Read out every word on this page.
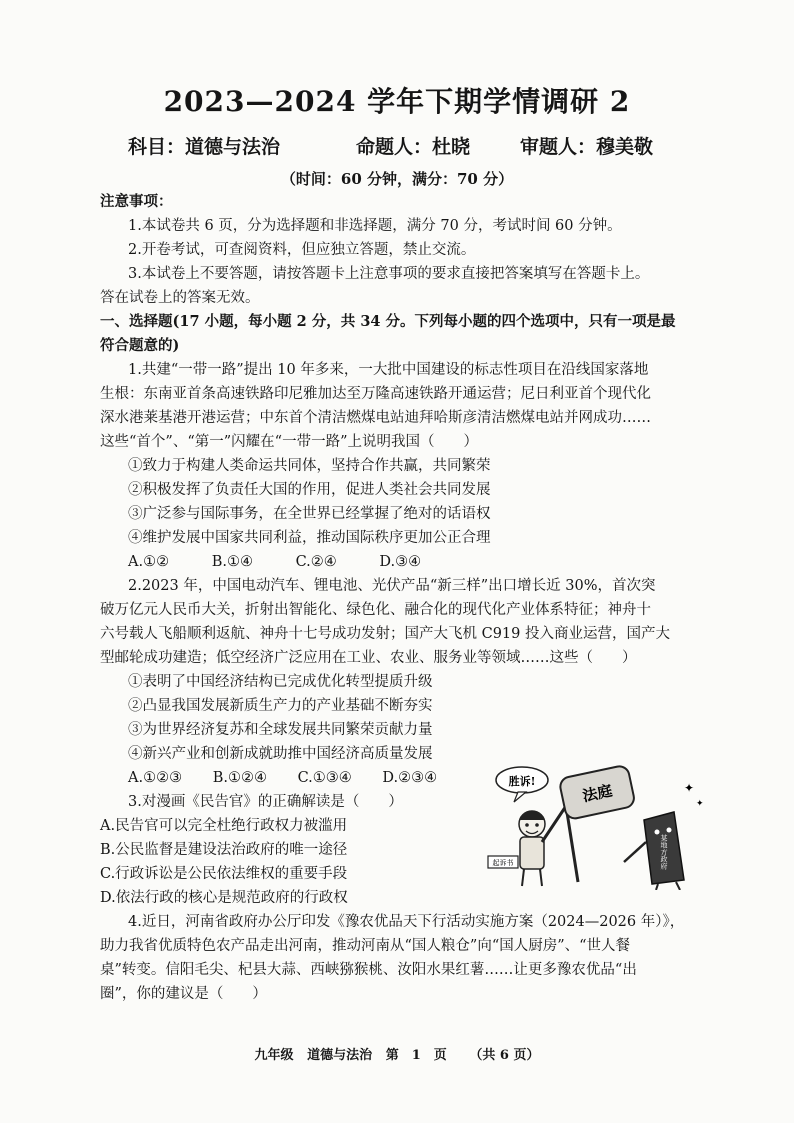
2023—2024 学年下期学情调研 2
科目：道德与法治	命题人：杜晓	审题人：穆美敬
（时间：60 分钟，满分：70 分）
注意事项：
1.本试卷共 6 页，分为选择题和非选择题，满分 70 分，考试时间 60 分钟。
2.开卷考试，可查阅资料，但应独立答题，禁止交流。
3.本试卷上不要答题，请按答题卡上注意事项的要求直接把答案填写在答题卡上。
答在试卷上的答案无效。
一、选择题(17 小题，每小题 2 分，共 34 分。下列每小题的四个选项中，只有一项是最
符合题意的)
1.共建“一带一路”提出 10 年多来，一大批中国建设的标志性项目在沿线国家落地
生根：东南亚首条高速铁路印尼雅加达至万隆高速铁路开通运营；尼日利亚首个现代化
深水港莱基港开港运营；中东首个清洁燃煤电站迪拜哈斯彦清洁燃煤电站并网成功……
这些“首个”、“第一”闪耀在“一带一路”上说明我国（　　）
①致力于构建人类命运共同体，坚持合作共赢，共同繁荣
②积极发挥了负责任大国的作用，促进人类社会共同发展
③广泛参与国际事务，在全世界已经掌握了绝对的话语权
④维护发展中国家共同利益，推动国际秩序更加公正合理
A.①②	B.①④	C.②④	D.③④
2.2023 年，中国电动汽车、锂电池、光伏产品“新三样”出口增长近 30%，首次突
破万亿元人民币大关，折射出智能化、绿色化、融合化的现代化产业体系特征；神舟十
六号载人飞船顺利返航、神舟十七号成功发射；国产大飞机 C919 投入商业运营，国产大
型邮轮成功建造；低空经济广泛应用在工业、农业、服务业等领域……这些（　　）
①表明了中国经济结构已完成优化转型提质升级
②凸显我国发展新质生产力的产业基础不断夯实
③为世界经济复苏和全球发展共同繁荣贡献力量
④新兴产业和创新成就助推中国经济高质量发展
A.①②③ B.①②④ C.①③④ D.②③④
3.对漫画《民告官》的正确解读是（　　）
A.民告官可以完全杜绝行政权力被滥用
B.公民监督是建设法治政府的唯一途径
C.行政诉讼是公民依法维权的重要手段
D.依法行政的核心是规范政府的行政权
胜诉!
起诉书
法庭
某地方政府
✦
✦
4.近日，河南省政府办公厅印发《豫农优品天下行活动实施方案（2024—2026 年）》，
助力我省优质特色农产品走出河南，推动河南从“国人粮仓”向“国人厨房”、“世人餐
桌”转变。信阳毛尖、杞县大蒜、西峡猕猴桃、汝阳水果红薯……让更多豫农优品“出
圈”，你的建议是（　　）
九年级 道德与法治 第　1　页 （共 6 页）
